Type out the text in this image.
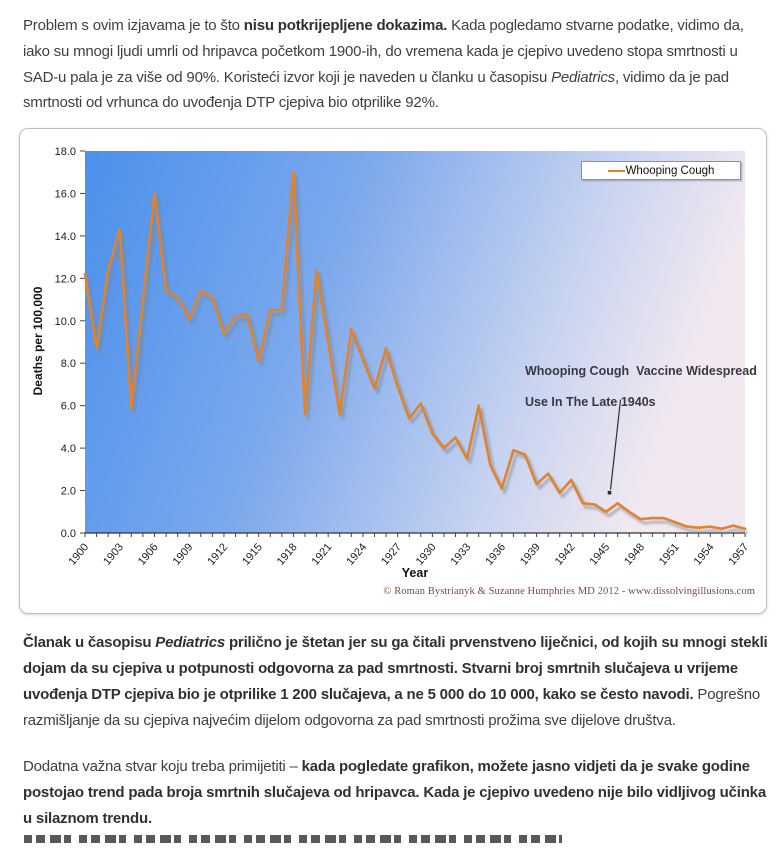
Problem s ovim izjavama je to što nisu potkrijepljene dokazima. Kada pogledamo stvarne podatke, vidimo da, iako su mnogi ljudi umrli od hripavca početkom 1900-ih, do vremena kada je cjepivo uvedeno stopa smrtnosti u SAD-u pala je za više od 90%. Koristeći izvor koji je naveden u članku u časopisu Pediatrics, vidimo da je pad smrtnosti od vrhunca do uvođenja DTP cjepiva bio otprilike 92%.

0.0
2.0
4.0
6.0
8.0
10.0
12.0
14.0
16.0
18.0
1900 1903 1906 1909 1912 1915 1918 1921 1924 1927 1930 1933 1936 1939 1942 1945 1948 1951 1954 1957
Deaths per 100,000
Year
Whooping Cough
Whooping Cough  Vaccine Widespread

Use In The Late 1940s
© Roman Bystrianyk & Suzanne Humphries MD 2012 - www.dissolvingillusions.com

Članak u časopisu Pediatrics prilično je štetan jer su ga čitali prvenstveno liječnici, od kojih su mnogi stekli dojam da su cjepiva u potpunosti odgovorna za pad smrtnosti. Stvarni broj smrtnih slučajeva u vrijeme uvođenja DTP cjepiva bio je otprilike 1 200 slučajeva, a ne 5 000 do 10 000, kako se često navodi. Pogrešno razmišljanje da su cjepiva najvećim dijelom odgovorna za pad smrtnosti prožima sve dijelove društva.

Dodatna važna stvar koju treba primijetiti – kada pogledate grafikon, možete jasno vidjeti da je svake godine postojao trend pada broja smrtnih slučajeva od hripavca. Kada je cjepivo uvedeno nije bilo vidljivog učinka u silaznom trendu.
